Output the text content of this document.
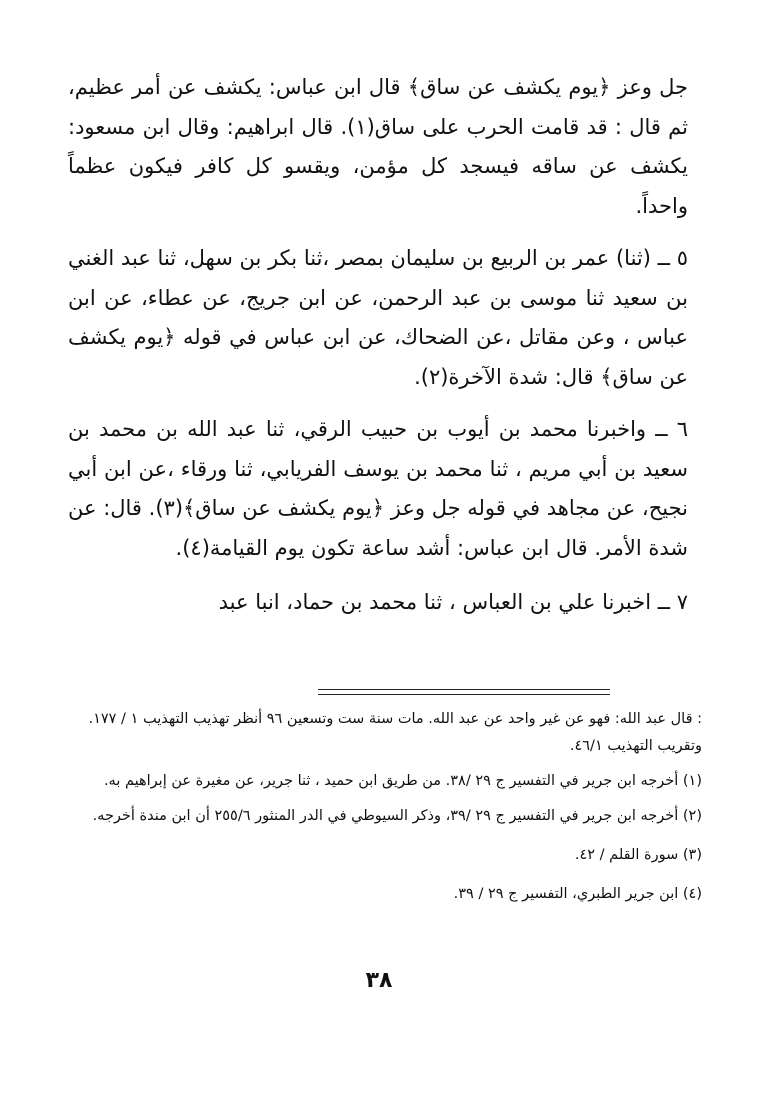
جل وعز ﴿يوم يكشف عن ساق﴾ قال ابن عباس: يكشف عن أمر عظيم، ثم قال : قد قامت الحرب على ساق(١). قال ابراهيم: وقال ابن مسعود: يكشف عن ساقه فيسجد كل مؤمن، ويقسو كل كافر فيكون عظماً واحداً.

٥ ــ (ثنا) عمر بن الربيع بن سليمان بمصر ،ثنا بكر بن سهل، ثنا عبد الغني بن سعيد ثنا موسى بن عبد الرحمن، عن ابن جريج، عن عطاء، عن ابن عباس ، وعن مقاتل ،عن الضحاك، عن ابن عباس في قوله ﴿يوم يكشف عن ساق﴾ قال: شدة الآخرة(٢).

٦ ــ واخبرنا محمد بن أيوب بن حبيب الرقي، ثنا عبد الله بن محمد بن سعيد بن أبي مريم ، ثنا محمد بن يوسف الفريابي، ثنا ورقاء ،عن ابن أبي نجيح، عن مجاهد في قوله جل وعز ﴿يوم يكشف عن ساق﴾(٣). قال: عن شدة الأمر. قال ابن عباس: أشد ساعة تكون يوم القيامة(٤).

٧ ــ اخبرنا علي بن العباس ، ثنا محمد بن حماد، انبا عبد

: قال عبد الله: فهو عن غير واحد عن عبد الله. مات سنة ست وتسعين ٩٦ أنظر تهذيب التهذيب ١ / ١٧٧. وتقريب التهذيب ٤٦/١.

(١) أخرجه ابن جرير في التفسير ج ٢٩ /٣٨. من طريق ابن حميد ، ثنا جرير، عن مغيرة عن إبراهيم به.

(٢) أخرجه ابن جرير في التفسير ج ٢٩ /٣٩، وذكر السيوطي في الدر المنثور ٢٥٥/٦ أن ابن مندة أخرجه.

(٣) سورة القلم / ٤٢.

(٤) ابن جرير الطبري، التفسير ج ٢٩ / ٣٩.

٣٨
